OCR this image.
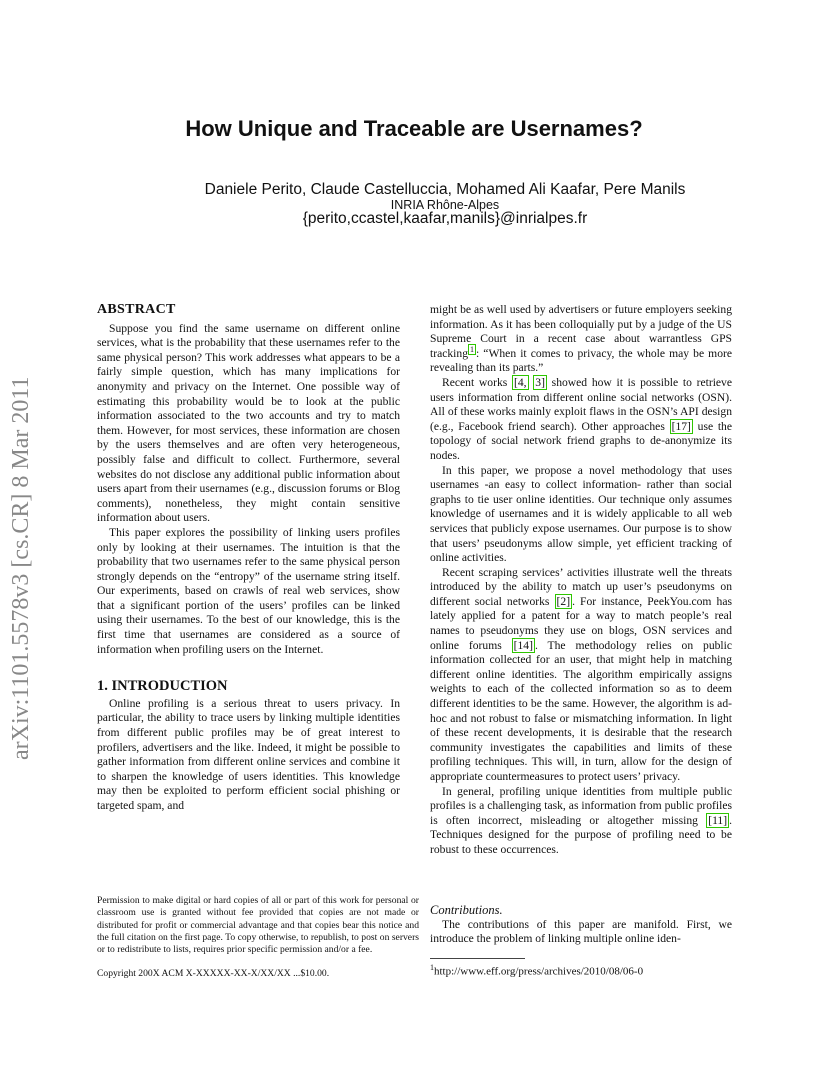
How Unique and Traceable are Usernames?
Daniele Perito, Claude Castelluccia, Mohamed Ali Kaafar, Pere Manils
INRIA Rhône-Alpes
{perito,ccastel,kaafar,manils}@inrialpes.fr
arXiv:1101.5578v3 [cs.CR] 8 Mar 2011
ABSTRACT

Suppose you find the same username on different online services, what is the probability that these usernames refer to the same physical person? This work addresses what appears to be a fairly simple question, which has many implications for anonymity and privacy on the Internet. One possible way of estimating this probability would be to look at the public information associated to the two accounts and try to match them. However, for most services, these information are chosen by the users themselves and are often very heterogeneous, possibly false and difficult to collect. Furthermore, several websites do not disclose any additional public information about users apart from their usernames (e.g., discussion forums or Blog comments), nonetheless, they might contain sensitive information about users.

This paper explores the possibility of linking users profiles only by looking at their usernames. The intuition is that the probability that two usernames refer to the same physical person strongly depends on the “entropy” of the username string itself. Our experiments, based on crawls of real web services, show that a significant portion of the users’ profiles can be linked using their usernames. To the best of our knowledge, this is the first time that usernames are considered as a source of information when profiling users on the Internet.

1. INTRODUCTION

Online profiling is a serious threat to users privacy. In particular, the ability to trace users by linking multiple identities from different public profiles may be of great interest to profilers, advertisers and the like. Indeed, it might be possible to gather information from different online services and combine it to sharpen the knowledge of users identities. This knowledge may then be exploited to perform efficient social phishing or targeted spam, and

might be as well used by advertisers or future employers seeking information. As it has been colloquially put by a judge of the US Supreme Court in a recent case about warrantless GPS tracking $^1$ : “When it comes to privacy, the whole may be more revealing than its parts.”

Recent works [4, 3] showed how it is possible to retrieve users information from different online social networks (OSN). All of these works mainly exploit flaws in the OSN’s API design (e.g., Facebook friend search). Other approaches [17] use the topology of social network friend graphs to de-anonymize its nodes.

In this paper, we propose a novel methodology that uses usernames -an easy to collect information- rather than social graphs to tie user online identities. Our technique only assumes knowledge of usernames and it is widely applicable to all web services that publicly expose usernames. Our purpose is to show that users’ pseudonyms allow simple, yet efficient tracking of online activities.

Recent scraping services’ activities illustrate well the threats introduced by the ability to match up user’s pseudonyms on different social networks [2] . For instance, PeekYou.com has lately applied for a patent for a way to match people’s real names to pseudonyms they use on blogs, OSN services and online forums [14] . The methodology relies on public information collected for an user, that might help in matching different online identities. The algorithm empirically assigns weights to each of the collected information so as to deem different identities to be the same. However, the algorithm is ad-hoc and not robust to false or mismatching information. In light of these recent developments, it is desirable that the research community investigates the capabilities and limits of these profiling techniques. This will, in turn, allow for the design of appropriate countermeasures to protect users’ privacy.

In general, profiling unique identities from multiple public profiles is a challenging task, as information from public profiles is often incorrect, misleading or altogether missing [11] . Techniques designed for the purpose of profiling need to be robust to these occurrences.

Permission to make digital or hard copies of all or part of this work for personal or classroom use is granted without fee provided that copies are not made or distributed for profit or commercial advantage and that copies bear this notice and the full citation on the first page. To copy otherwise, to republish, to post on servers or to redistribute to lists, requires prior specific permission and/or a fee.
Copyright 200X ACM X-XXXXX-XX-X/XX/XX ...$10.00.
Contributions.

The contributions of this paper are manifold. First, we introduce the problem of linking multiple online iden-

$^1$http://www.eff.org/press/archives/2010/08/06-0
